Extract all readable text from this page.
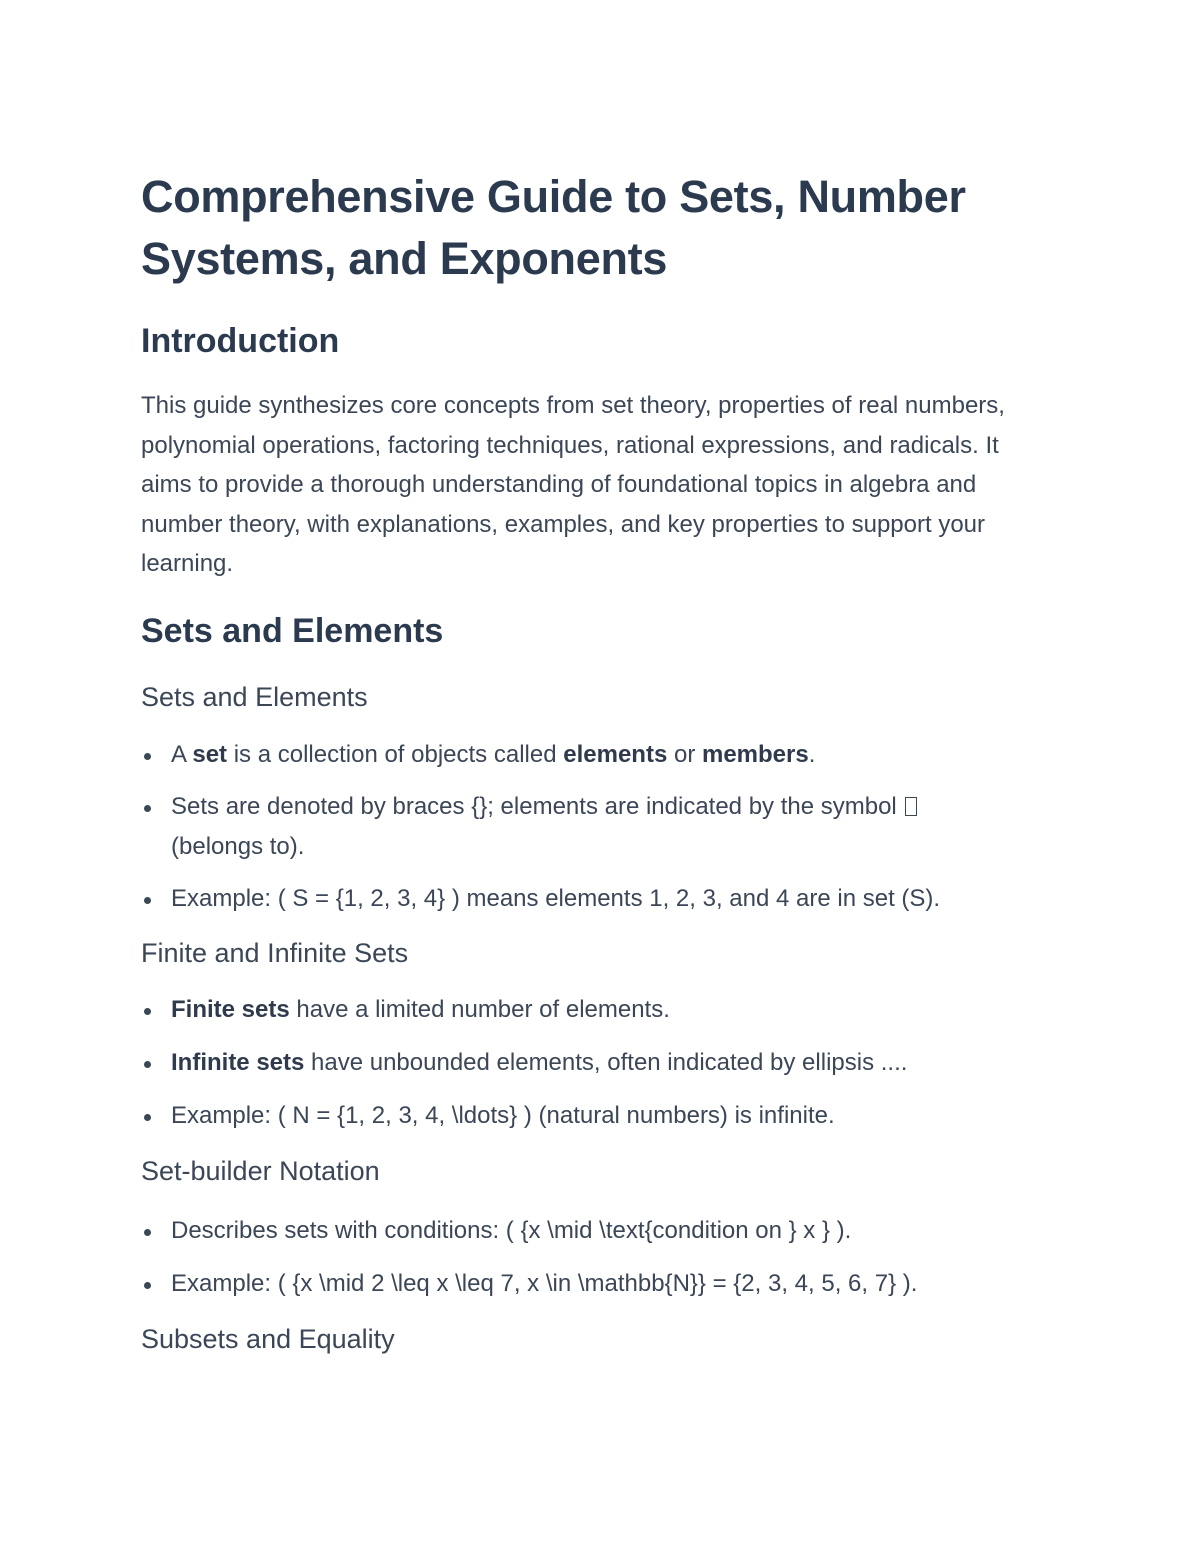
Comprehensive Guide to Sets, Number Systems, and Exponents
Introduction

This guide synthesizes core concepts from set theory, properties of real numbers, polynomial operations, factoring techniques, rational expressions, and radicals. It aims to provide a thorough understanding of foundational topics in algebra and number theory, with explanations, examples, and key properties to support your learning.

Sets and Elements
Sets and Elements
A set is a collection of objects called elements or members.
Sets are denoted by braces {}; elements are indicated by the symbol
(belongs to).
Example: ( S = {1, 2, 3, 4} ) means elements 1, 2, 3, and 4 are in set (S).
Finite and Infinite Sets
Finite sets have a limited number of elements.
Infinite sets have unbounded elements, often indicated by ellipsis ....
Example: ( N = {1, 2, 3, 4, \ldots} ) (natural numbers) is infinite.
Set-builder Notation
Describes sets with conditions: ( {x \mid \text{condition on } x } ).
Example: ( {x \mid 2 \leq x \leq 7, x \in \mathbb{N}} = {2, 3, 4, 5, 6, 7} ).
Subsets and Equality
